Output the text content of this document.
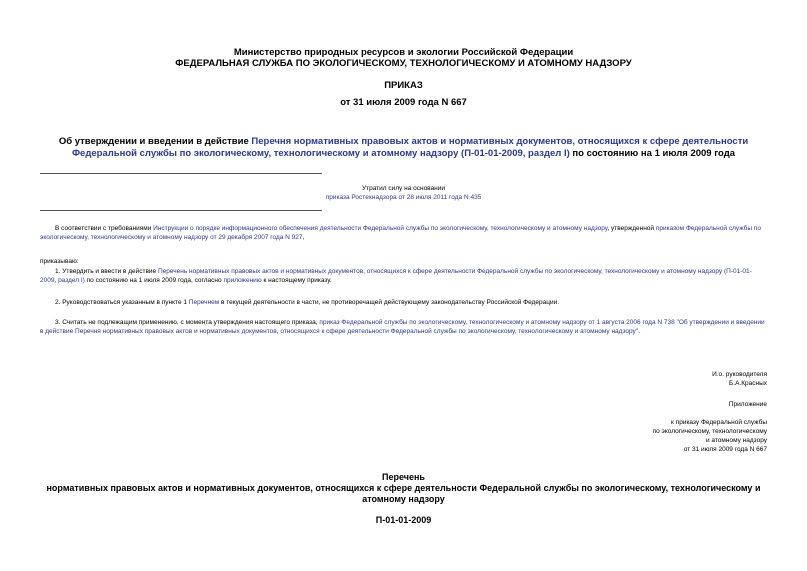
Министерство природных ресурсов и экологии Российской Федерации
ФЕДЕРАЛЬНАЯ СЛУЖБА ПО ЭКОЛОГИЧЕСКОМУ, ТЕХНОЛОГИЧЕСКОМУ И АТОМНОМУ НАДЗОРУ
ПРИКАЗ
от 31 июля 2009 года N 667
Об утверждении и введении в действие Перечня нормативных правовых актов и нормативных документов, относящихся к сфере деятельности Федеральной службы по экологическому, технологическому и атомному надзору (П-01-01-2009, раздел I) по состоянию на 1 июля 2009 года
Утратил силу на основании
приказа Ростехнадзора от 28 июля 2011 года N 435
В соответствии с требованиями Инструкции о порядке информационного обеспечения деятельности Федеральной службы по экологическому, технологическому и атомному надзору, утвержденной приказом Федеральной службы по экологическому, технологическому и атомному надзору от 29 декабря 2007 года N 927,
приказываю:
1. Утвердить и ввести в действие Перечень нормативных правовых актов и нормативных документов, относящихся к сфере деятельности Федеральной службы по экологическому, технологическому и атомному надзору (П-01-01-2009, раздел I) по состоянию на 1 июля 2009 года, согласно приложению к настоящему приказу.
2. Руководствоваться указанным в пункте 1 Перечнем в текущей деятельности в части, не противоречащей действующему законодательству Российской Федерации.
3. Считать не подлежащим применению, с момента утверждения настоящего приказа, приказ Федеральной службы по экологическому, технологическому и атомному надзору от 1 августа 2006 года N 738 "Об утверждении и введении в действие Перечня нормативных правовых актов и нормативных документов, относящихся к сфере деятельности Федеральной службы по экологическому, технологическому и атомному надзору".
И.о. руководителя
Б.А.Красных
Приложение
к приказу Федеральной службы
по экологическому, технологическому
и атомному надзору
от 31 июля 2009 года N 667
Перечень
нормативных правовых актов и нормативных документов, относящихся к сфере деятельности Федеральной службы по экологическому, технологическому и атомному надзору
П-01-01-2009
